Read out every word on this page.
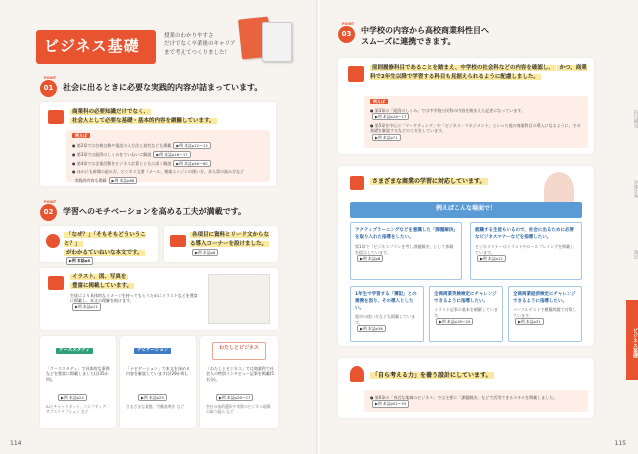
ビジネス基礎
授業のわかりやすさ
だけでなく卒業後のキャリア
まで考えてつくりました！
POINT
01	社会に出るときに必要な実践的内容が詰まっています。
商業科の必要知識だけでなく、
社会人として必要な基礎・基本的内容を網羅しています。
例えば
● 第2章では名刺交換や電話の入方法と追究なども掲載 ▶例 本誌p12〜13
● 第3章では経済のしくみをていねいに解説 ▶例 本誌p16〜17
● 第4章では企業活動をビジネス計算とともに深く解説 ▶例 本誌p58〜60
● ほかにも新聞の読み方、ビジネス文書（メール、検索エンジンの使い方、求人票の読み方など
実践的内容も掲載 ▶例 本誌p68
POINT
02	学習へのモチベーションを高める工夫が満載です。
「なぜ？」「そもそもどういうこと？」
がわかるていねいな本文です。
▶例 本誌p8
各項目に資料とリード文からなる導入コーナーを設けました。 ▶例 本誌p8
イラスト、図、写真を
豊富に掲載しています。
生徒により具体的なイメージを持ってもらうためにイラストなどを豊富に掲載し、本文の理解を助けます。
▶例 本誌p11
ケーススタディ
「ケーススタディ」で具体的な事例などを豊富に掲載しました(計35か所)。
▶例 本誌p24
AIとチャットボット、コンプティア、サブスクリプション など
ナビゲーション
「ナビゲーション」で本文を深める内容を解説しています(計29か所)。
▶例 本誌p25
さまざまな業態、労働基準法 など
わたしとビジネス
「わたしとビジネス」では商業科で社会人の特別インタビュー記事を掲載(5名分)。
▶例 本誌p26〜27
会社の技術選択や実際のビジネス現場の取り組み など
114
POINT
03	中学校の内容から高校商業科性目へ
スムーズに連携できます。
原則履修科目であることを踏まえ、中学校の社会科などの内容を確認し、 かつ、商業科で2年生以降で学習する科目も見据えられるように配慮しました。
例えば
● 第3章の「経済のしくみ」では中学校公民科の内容を踏まえた記述になっています。
▶例 本誌p16〜17
● 第5章を中心に「マーケティング」や「ビジネス・マネジメント」といった他の商業科目の導入になるように、その基礎を解説するなどの工夫をしています。
▶例 本誌p71
さまざまな商業の学習に対応しています。
例えばこんな場面で！
アクティブラーニングなどを意識した「課題解決」を取り入れた指導をしたい。
第1章で「ビジネスプランを考し課題解決」として体験を提示しています。
▶例 本誌p8
就職する生徒もいるので、社会に出るために必要なビジネスマナーなどを指導したい。
ビジネスマナーはイラストやロールプレイングを掲載しています。
▶例 本誌p12
1年生で学習する「簿記」との連携を図り、その導入としたい。
電卓の使い方なども掲載しています。
▶例 本誌p36
全商商業英検検定にチャレンジできるように指導したい。
イラスト記事の基本を網羅しています。
▶例 本誌p18〜20
全商商業経済検定にチャレンジできるように指導したい。
パーフルテストで模擬問題で対策しています。
▶例 本誌p31
「自ら考える力」を養う設計にしています。
● 第6章の「身近な地域のビジネス」では主要に「課題解決」などで活用できるスキルを掲載しました。▶例 本誌p52〜55
科目構成
評価計画
簿記
ビジネス基礎
115
